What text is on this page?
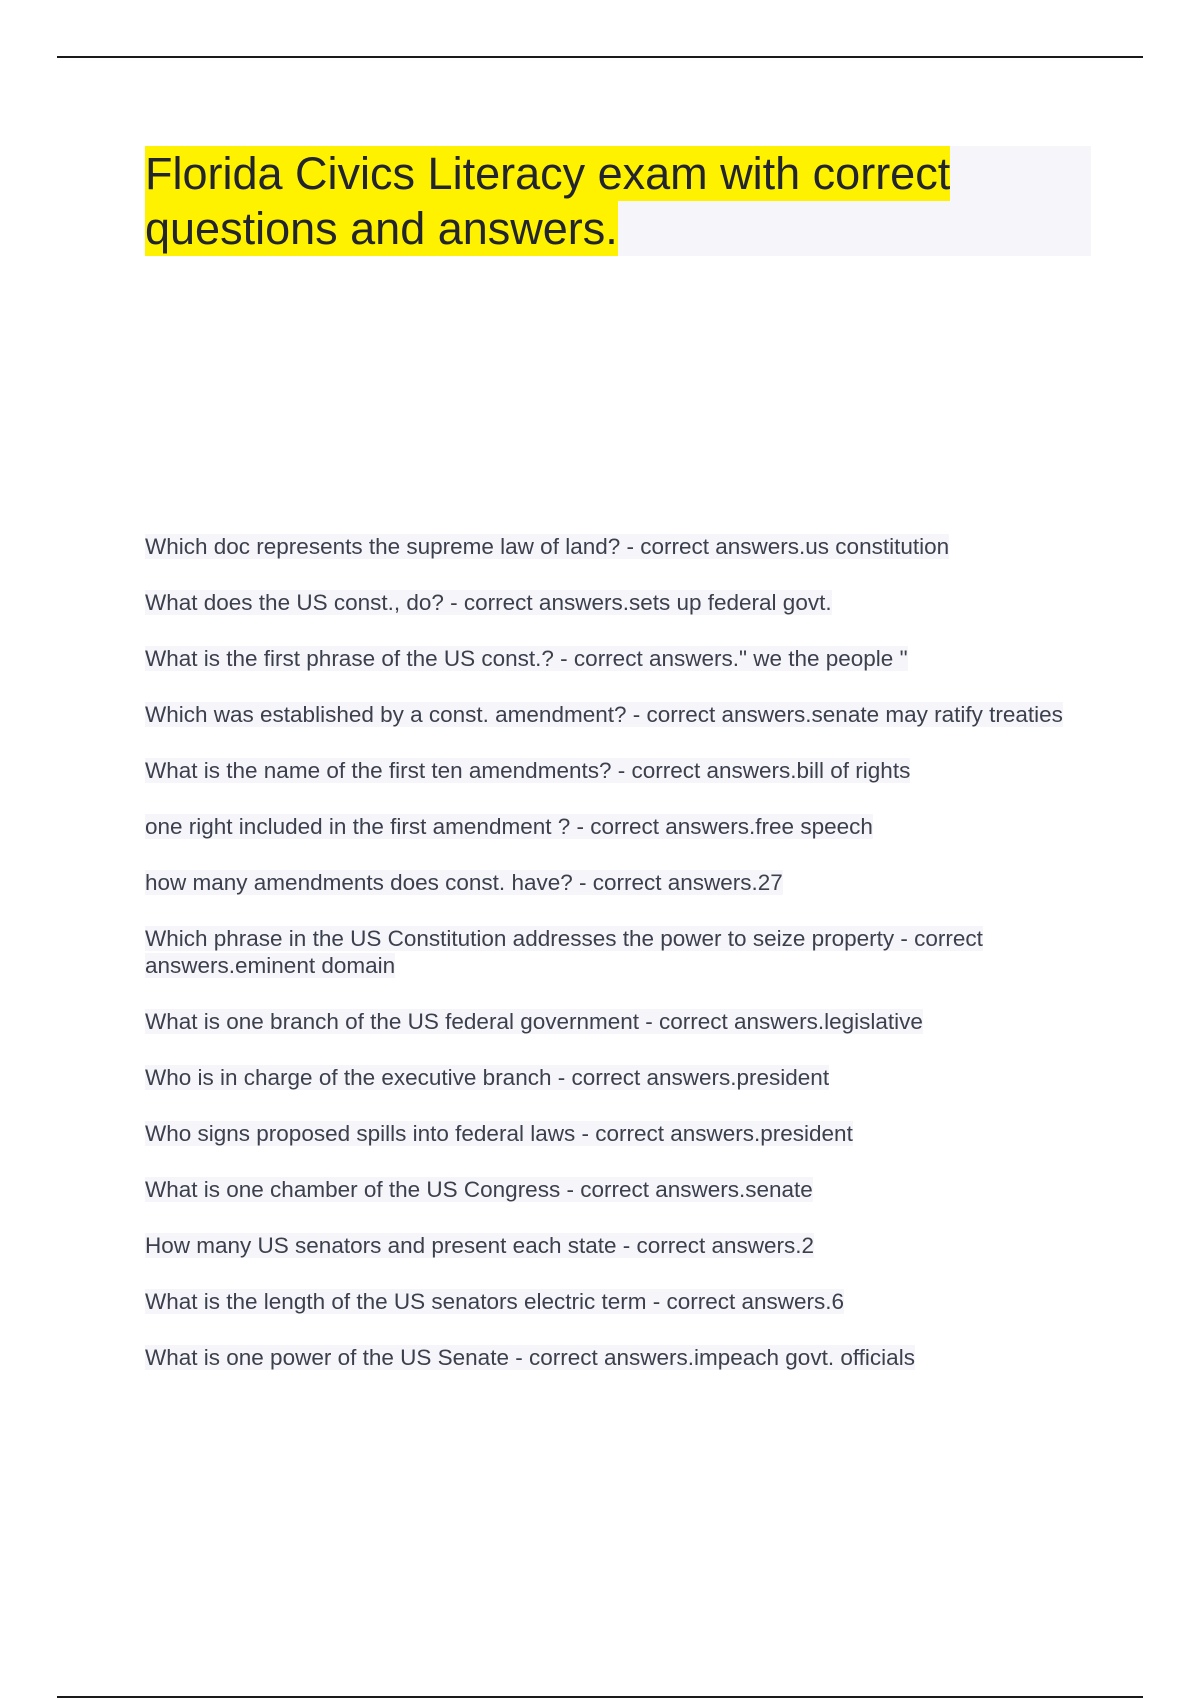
Florida Civics Literacy exam with correct
questions and answers.
Which doc represents the supreme law of land? - correct answers.us constitution
What does the US const., do? - correct answers.sets up federal govt.
What is the first phrase of the US const.? - correct answers." we the people "
Which was established by a const. amendment? - correct answers.senate may ratify treaties
What is the name of the first ten amendments? - correct answers.bill of rights
one right included in the first amendment ? - correct answers.free speech
how many amendments does const. have? - correct answers.27
Which phrase in the US Constitution addresses the power to seize property - correct answers.eminent domain
What is one branch of the US federal government - correct answers.legislative
Who is in charge of the executive branch - correct answers.president
Who signs proposed spills into federal laws - correct answers.president
What is one chamber of the US Congress - correct answers.senate
How many US senators and present each state - correct answers.2
What is the length of the US senators electric term - correct answers.6
What is one power of the US Senate - correct answers.impeach govt. officials
